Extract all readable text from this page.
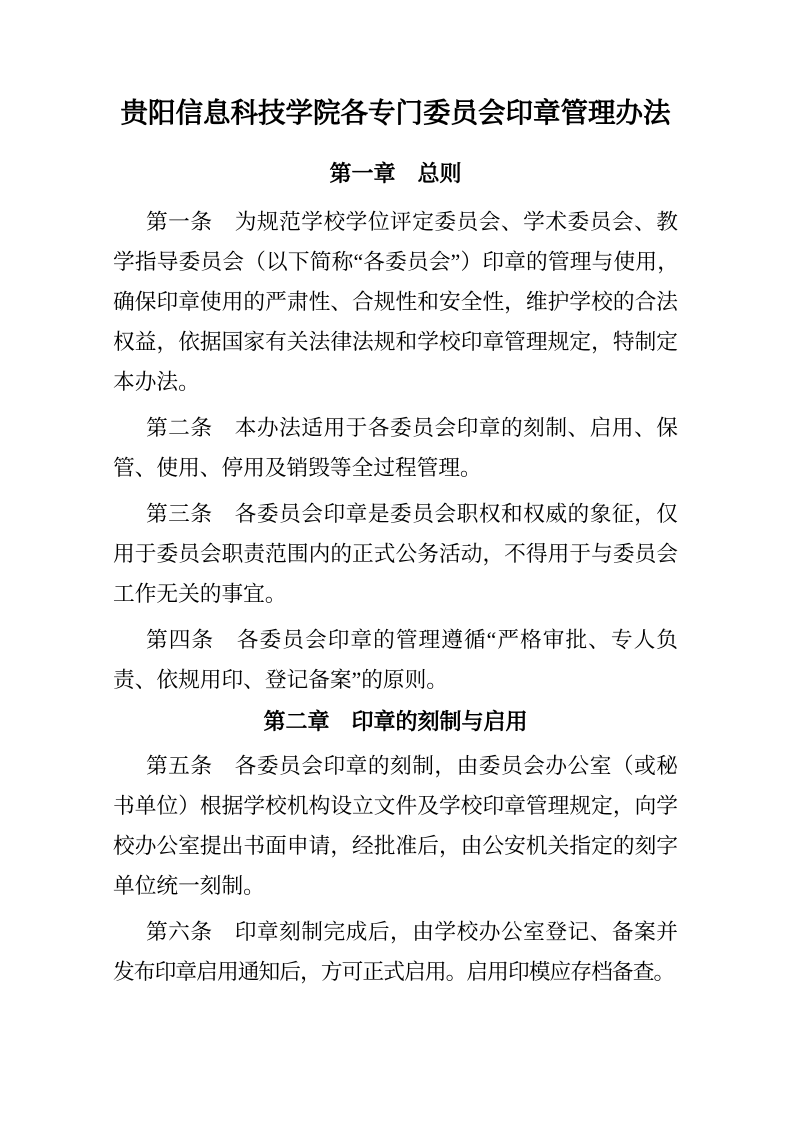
贵阳信息科技学院各专门委员会印章管理办法
第一章　总则
第一条　为规范学校学位评定委员会、学术委员会、教
学指导委员会（以下简称“各委员会”）印章的管理与使用，
确保印章使用的严肃性、合规性和安全性，维护学校的合法
权益，依据国家有关法律法规和学校印章管理规定，特制定
本办法。
第二条　本办法适用于各委员会印章的刻制、启用、保
管、使用、停用及销毁等全过程管理。
第三条　各委员会印章是委员会职权和权威的象征，仅
用于委员会职责范围内的正式公务活动，不得用于与委员会
工作无关的事宜。
第四条　各委员会印章的管理遵循“严格审批、专人负
责、依规用印、登记备案”的原则。
第二章　印章的刻制与启用
第五条　各委员会印章的刻制，由委员会办公室（或秘
书单位）根据学校机构设立文件及学校印章管理规定，向学
校办公室提出书面申请，经批准后，由公安机关指定的刻字
单位统一刻制。
第六条　印章刻制完成后，由学校办公室登记、备案并
发布印章启用通知后，方可正式启用。启用印模应存档备查。
